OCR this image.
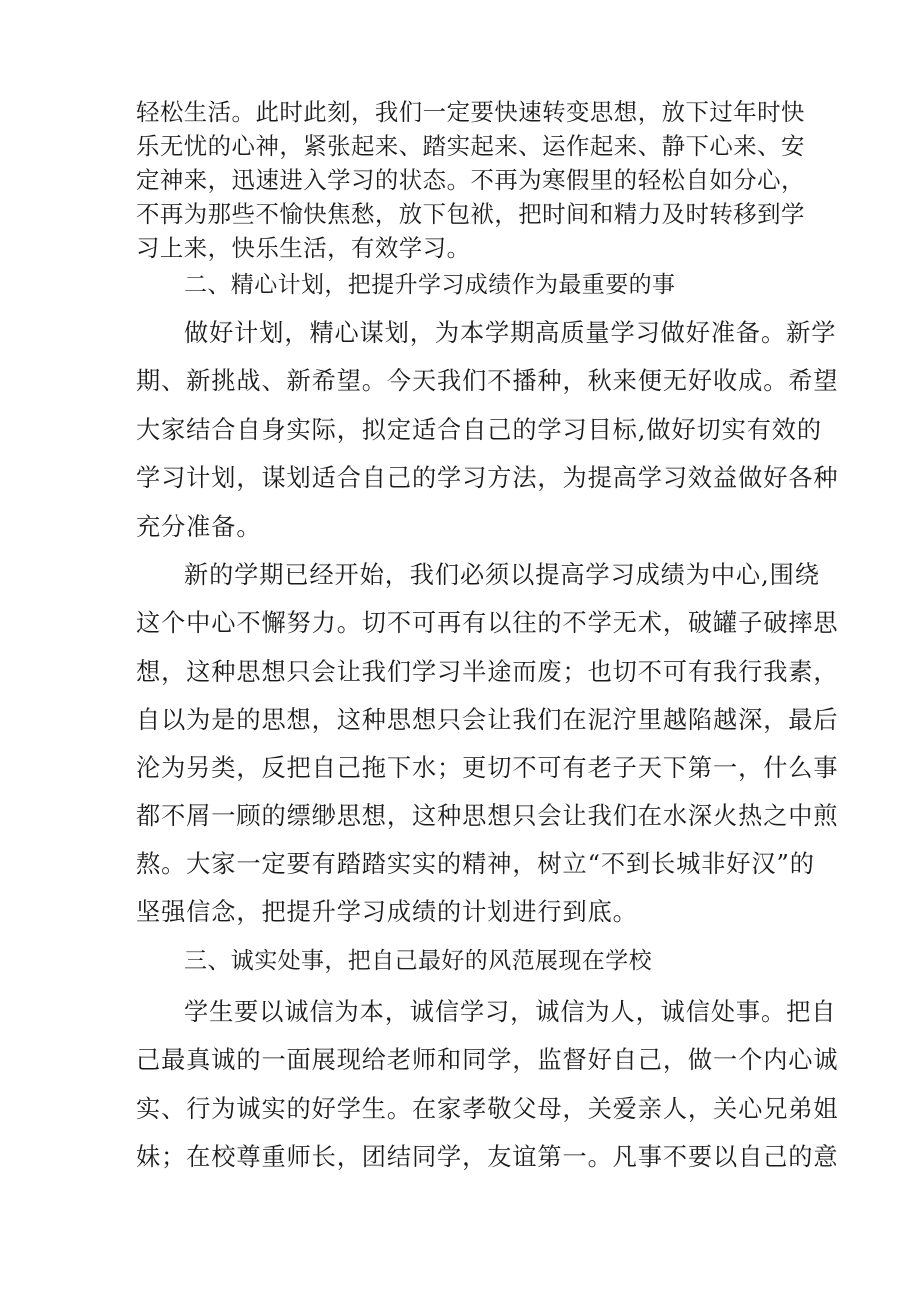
轻松生活。此时此刻，我们一定要快速转变思想，放下过年时快
乐无忧的心神，紧张起来、踏实起来、运作起来、静下心来、安
定神来，迅速进入学习的状态。不再为寒假里的轻松自如分心，
不再为那些不愉快焦愁，放下包袱，把时间和精力及时转移到学
习上来，快乐生活，有效学习。
二、精心计划，把提升学习成绩作为最重要的事
做好计划，精心谋划，为本学期高质量学习做好准备。新学
期、新挑战、新希望。今天我们不播种，秋来便无好收成。希望
大家结合自身实际，拟定适合自己的学习目标,做好切实有效的
学习计划，谋划适合自己的学习方法，为提高学习效益做好各种
充分准备。
新的学期已经开始，我们必须以提高学习成绩为中心,围绕
这个中心不懈努力。切不可再有以往的不学无术，破罐子破摔思
想，这种思想只会让我们学习半途而废；也切不可有我行我素，
自以为是的思想，这种思想只会让我们在泥泞里越陷越深，最后
沦为另类，反把自己拖下水；更切不可有老子天下第一，什么事
都不屑一顾的缥缈思想，这种思想只会让我们在水深火热之中煎
熬。大家一定要有踏踏实实的精神，树立“不到长城非好汉”的
坚强信念，把提升学习成绩的计划进行到底。
三、诚实处事，把自己最好的风范展现在学校
学生要以诚信为本，诚信学习，诚信为人，诚信处事。把自
己最真诚的一面展现给老师和同学，监督好自己，做一个内心诚
实、行为诚实的好学生。在家孝敬父母，关爱亲人，关心兄弟姐
妹；在校尊重师长，团结同学，友谊第一。凡事不要以自己的意
